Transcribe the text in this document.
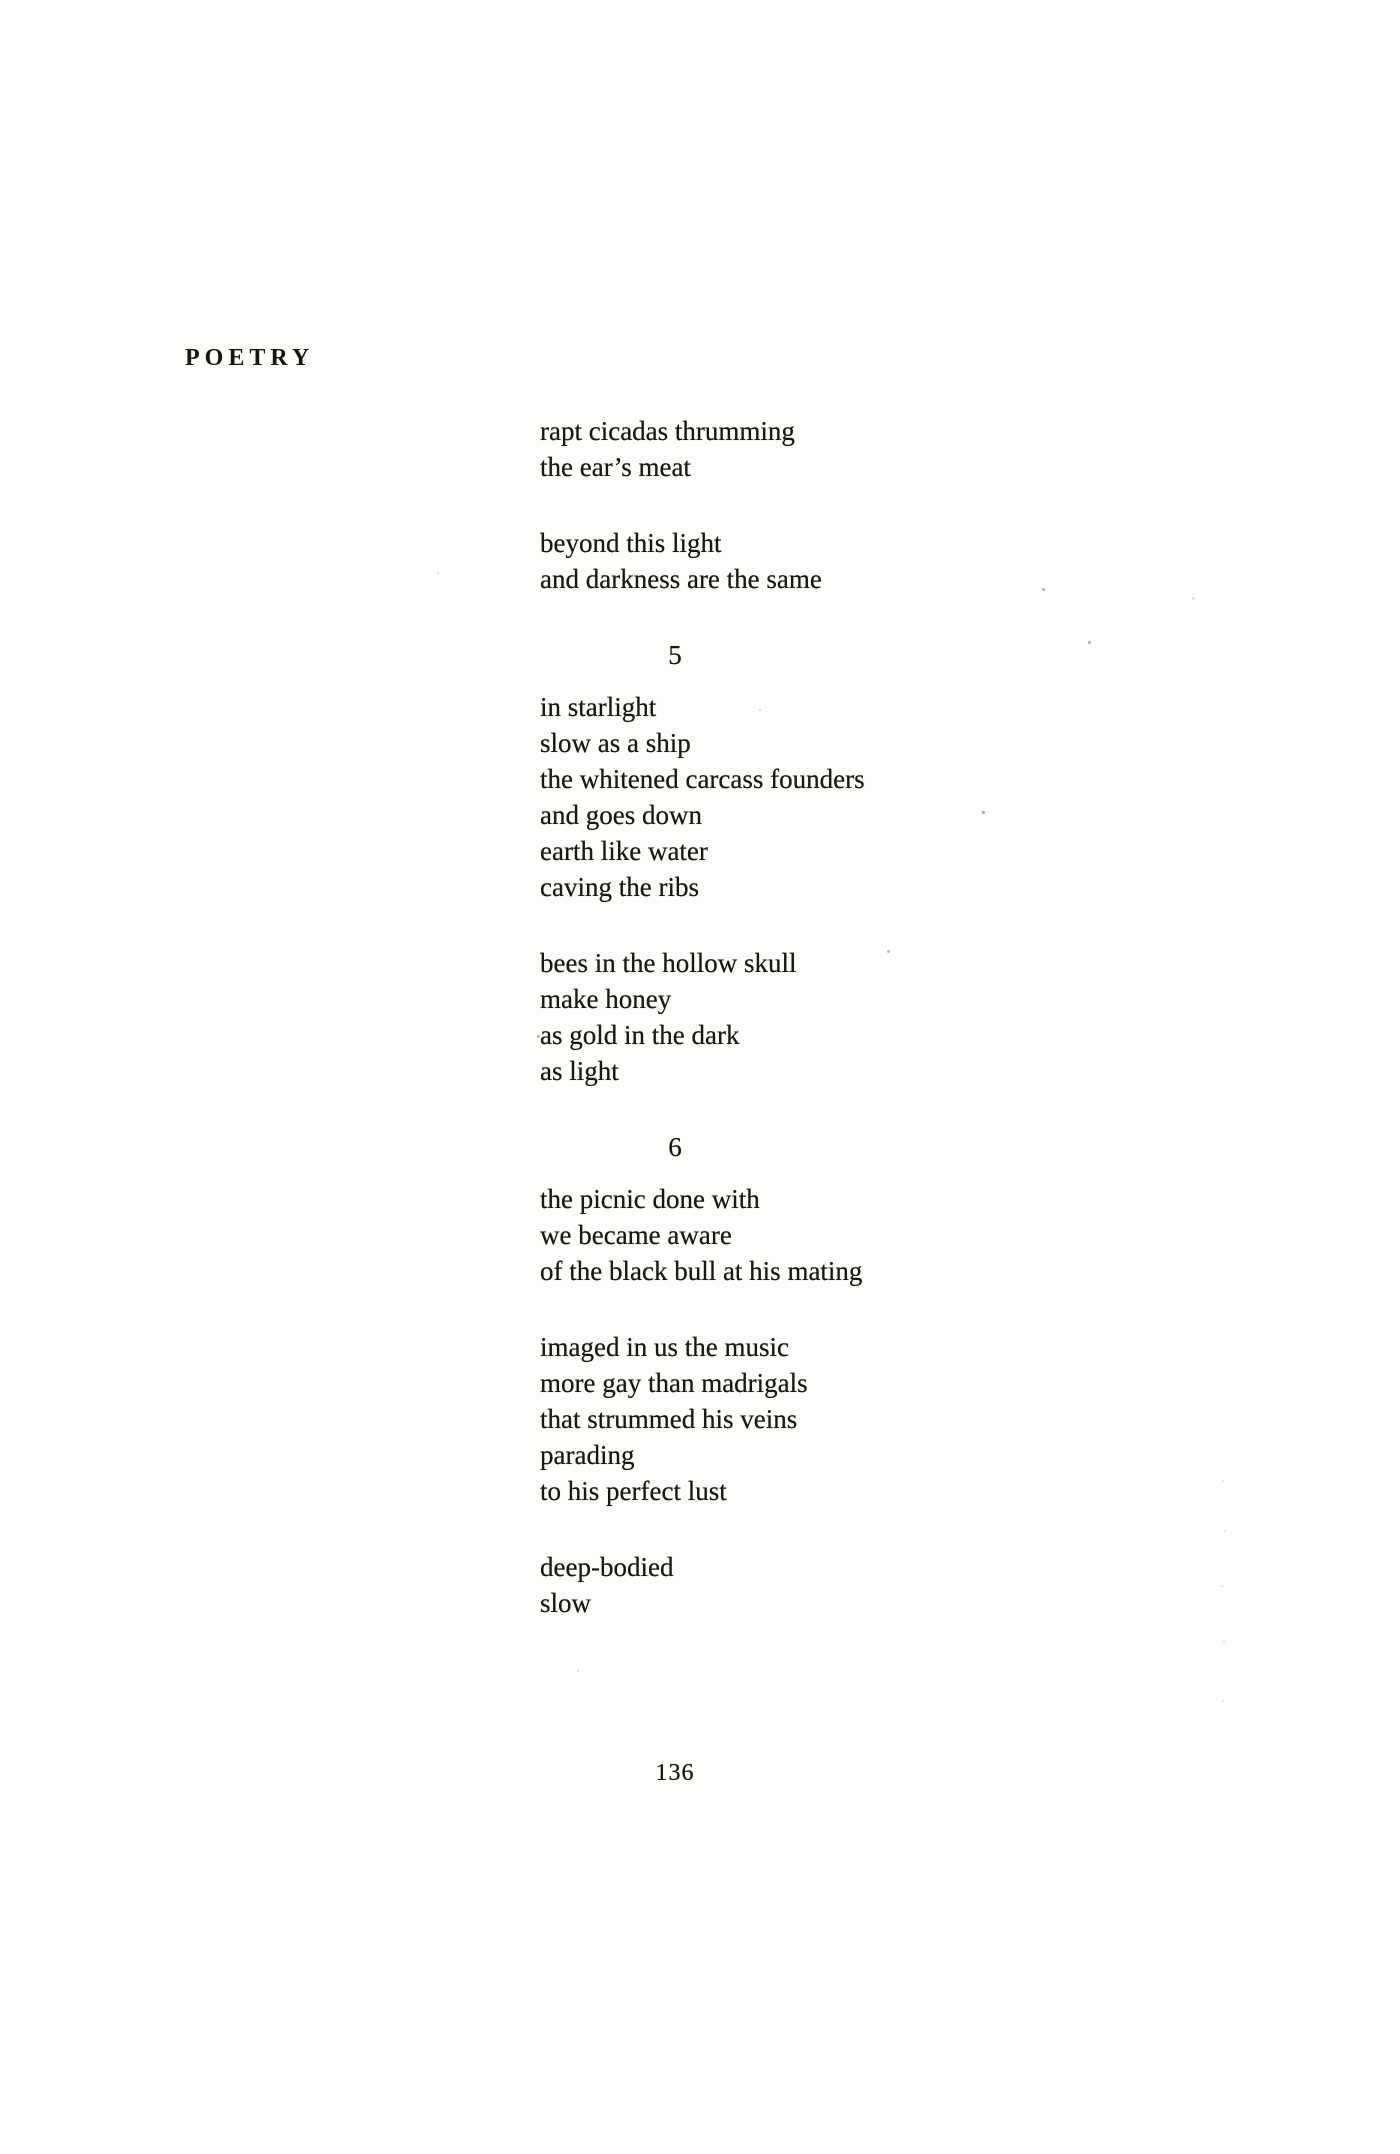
POETRY
rapt cicadas thrumming
the ear’s meat
beyond this light
and darkness are the same
5
in starlight
slow as a ship
the whitened carcass founders
and goes down
earth like water
caving the ribs
bees in the hollow skull
make honey
as gold in the dark
as light
6
the picnic done with
we became aware
of the black bull at his mating
imaged in us the music
more gay than madrigals
that strummed his veins
parading
to his perfect lust
deep-bodied
slow
136
